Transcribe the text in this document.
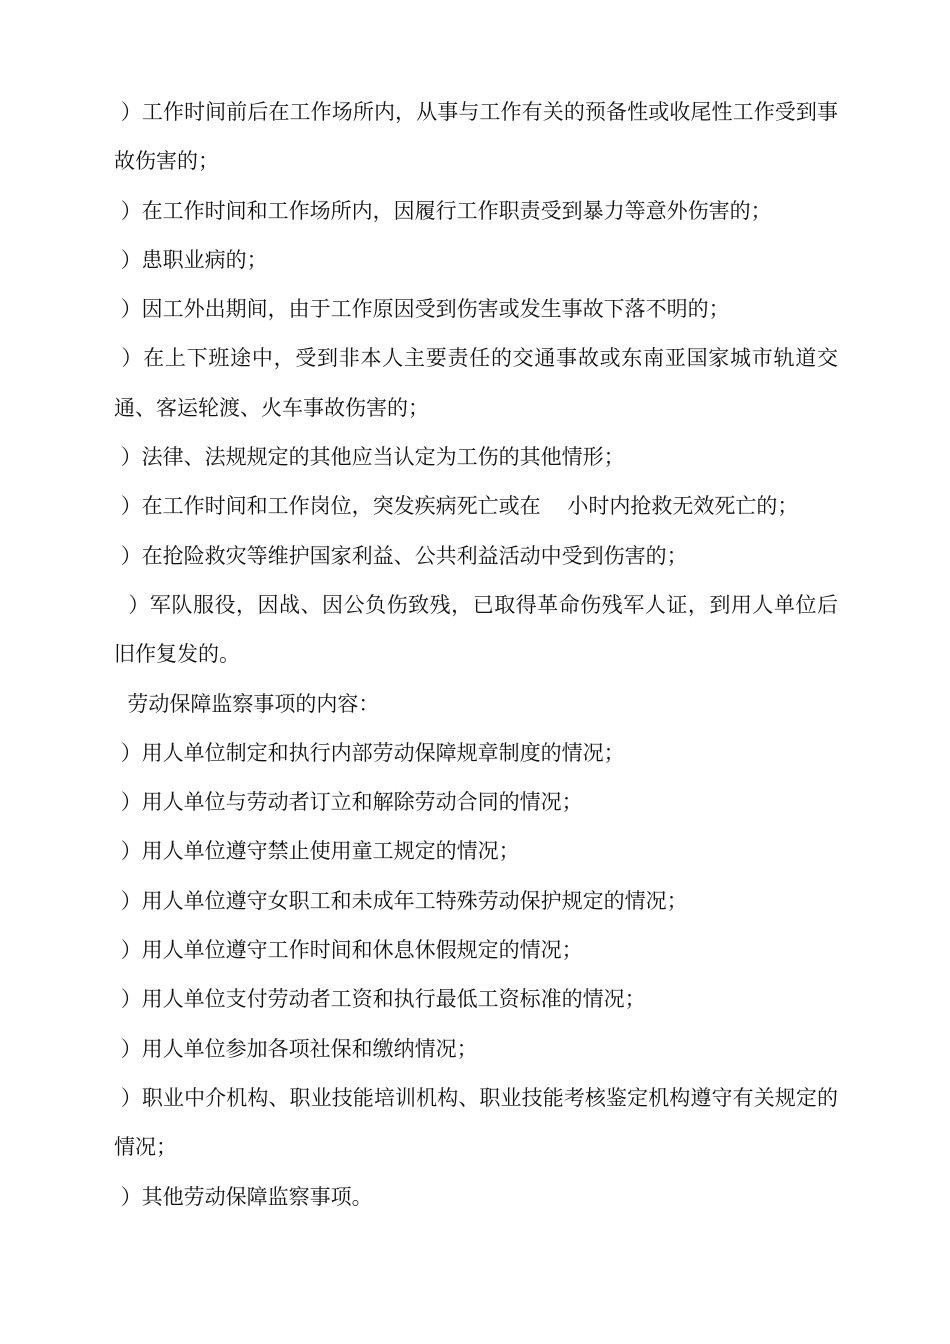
）工作时间前后在工作场所内，从事与工作有关的预备性或收尾性工作受到事故伤害的；

）在工作时间和工作场所内，因履行工作职责受到暴力等意外伤害的；

）患职业病的；

）因工外出期间，由于工作原因受到伤害或发生事故下落不明的；

）在上下班途中，受到非本人主要责任的交通事故或东南亚国家城市轨道交通、客运轮渡、火车事故伤害的；

）法律、法规规定的其他应当认定为工伤的其他情形；

）在工作时间和工作岗位，突发疾病死亡或在    小时内抢救无效死亡的；

）在抢险救灾等维护国家利益、公共利益活动中受到伤害的；

）军队服役，因战、因公负伤致残，已取得革命伤残军人证，到用人单位后旧作复发的。

劳动保障监察事项的内容：

）用人单位制定和执行内部劳动保障规章制度的情况；

）用人单位与劳动者订立和解除劳动合同的情况；

）用人单位遵守禁止使用童工规定的情况；

）用人单位遵守女职工和未成年工特殊劳动保护规定的情况；

）用人单位遵守工作时间和休息休假规定的情况；

）用人单位支付劳动者工资和执行最低工资标准的情况；

）用人单位参加各项社保和缴纳情况；

）职业中介机构、职业技能培训机构、职业技能考核鉴定机构遵守有关规定的情况；

）其他劳动保障监察事项。
